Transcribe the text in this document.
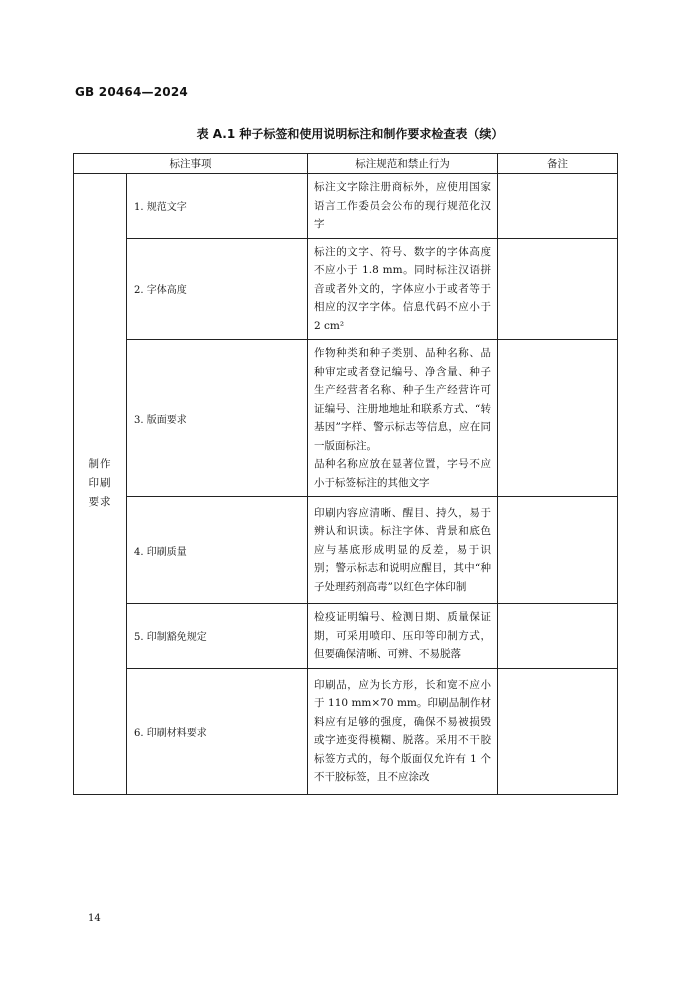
GB 20464—2024
表 A.1 种子标签和使用说明标注和制作要求检查表（续）
标注事项		标注规范和禁止行为	备注
制作
印刷
要求	1. 规范文字	标注文字除注册商标外，应使用国家语言工作委员会公布的现行规范化汉字	

	2. 字体高度	标注的文字、符号、数字的字体高度不应小于 1.8 mm。同时标注汉语拼音或者外文的，字体应小于或者等于相应的汉字字体。信息代码不应小于 2 cm²	

	3. 版面要求	作物种类和种子类别、品种名称、品种审定或者登记编号、净含量、种子生产经营者名称、种子生产经营许可证编号、注册地地址和联系方式、“转基因”字样、警示标志等信息，应在同一版面标注。

品种名称应放在显著位置，字号不应小于标签标注的其他文字	

	4. 印刷质量	印刷内容应清晰、醒目、持久，易于辨认和识读。标注字体、背景和底色应与基底形成明显的反差，易于识别；警示标志和说明应醒目，其中“种子处理药剂高毒”以红色字体印制	

	5. 印制豁免规定	检疫证明编号、检测日期、质量保证期，可采用喷印、压印等印制方式，但要确保清晰、可辨、不易脱落	

	6. 印刷材料要求	印刷品，应为长方形，长和宽不应小于 110 mm×70 mm。印刷品制作材料应有足够的强度，确保不易被损毁或字迹变得模糊、脱落。采用不干胶标签方式的，每个版面仅允许有 1 个不干胶标签，且不应涂改	

14
